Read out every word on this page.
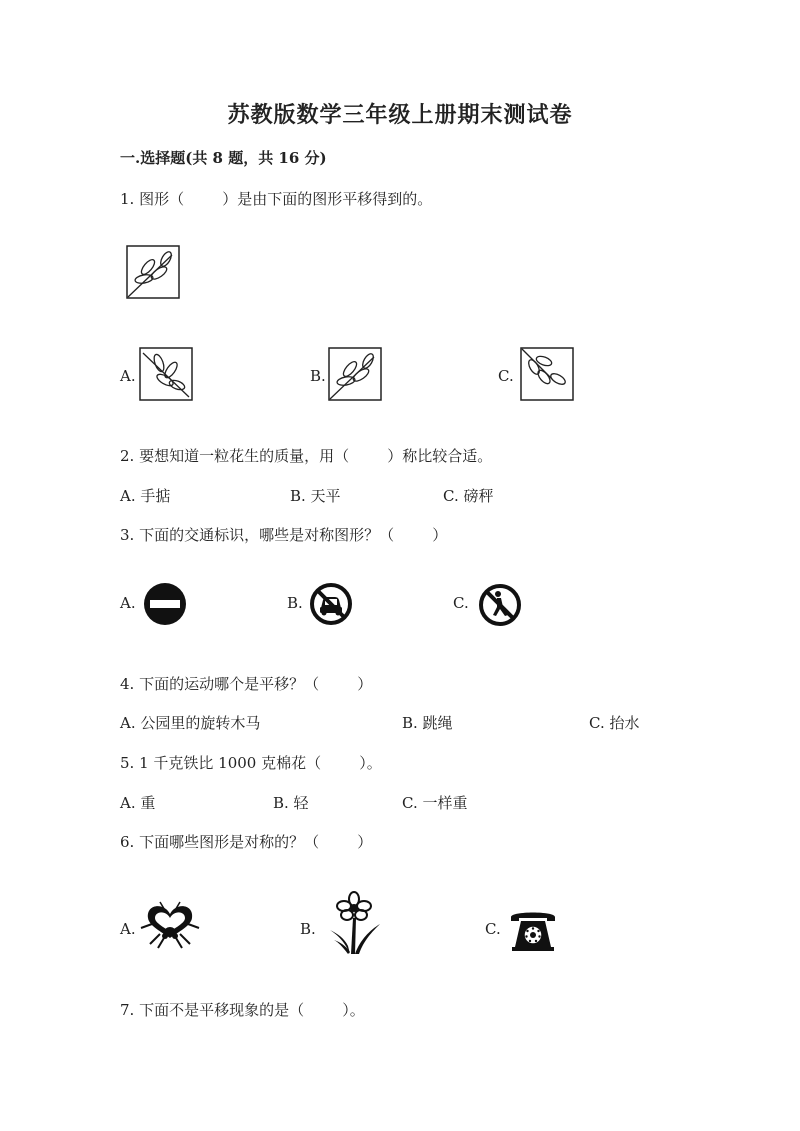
苏教版数学三年级上册期末测试卷
一.选择题(共 8 题，共 16 分)
1. 图形（        ）是由下面的图形平移得到的。
A.	B.	C.
2. 要想知道一粒花生的质量，用（        ）称比较合适。
A. 手掂	B. 天平	C. 磅秤
3. 下面的交通标识，哪些是对称图形？（        ）
A.	B.	C.
4. 下面的运动哪个是平移？（        ）
A. 公园里的旋转木马	B. 跳绳	C. 抬水
5. 1 千克铁比 1000 克棉花（        ）。
A. 重	B. 轻	C. 一样重
6. 下面哪些图形是对称的？（        ）
A.	B.	C.
7. 下面不是平移现象的是（        ）。
